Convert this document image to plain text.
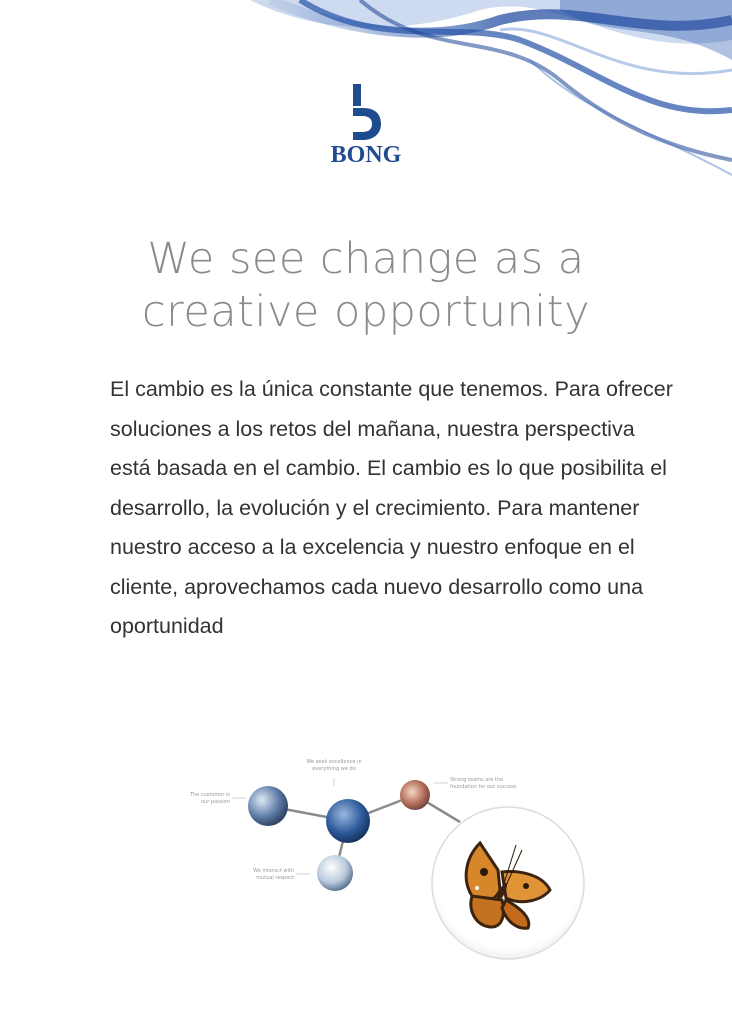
BONG
We see change as a
creative opportunity
El cambio es la única constante que tenemos. Para ofrecer
soluciones a los retos del mañana, nuestra perspectiva
está basada en el cambio. El cambio es lo que posibilita el
desarrollo, la evolución y el crecimiento. Para mantener
nuestro acceso a la excelencia y nuestro enfoque en el
cliente, aprovechamos cada nuevo desarrollo como una
oportunidad
The customer is
our passion
We seek excellence in
everything we do
Strong teams are the
foundation for our success
We interact with
mutual respect
